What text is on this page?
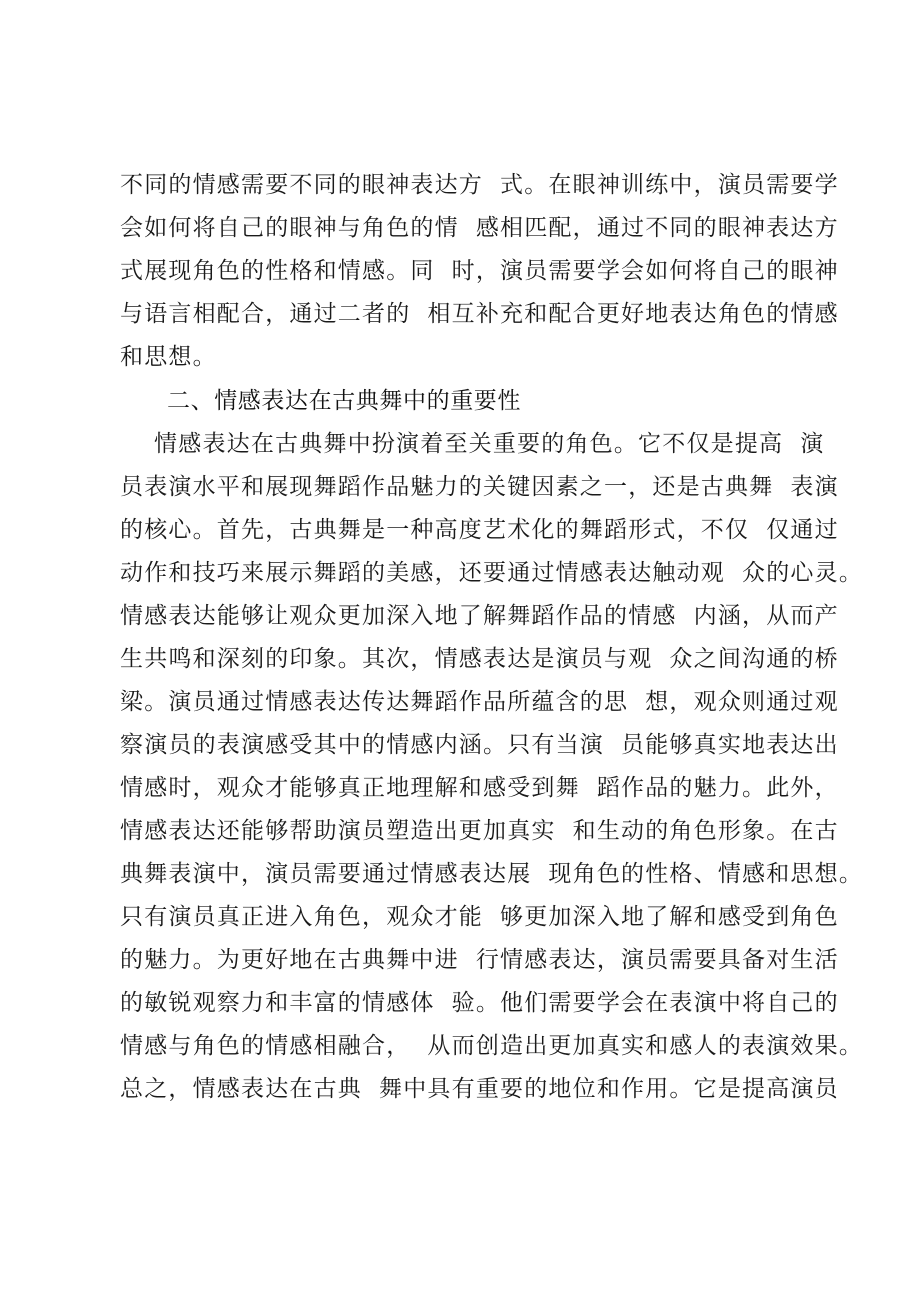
不同的情感需要不同的眼神表达方  式。在眼神训练中，演员需要学
会如何将自己的眼神与角色的情  感相匹配，通过不同的眼神表达方
式展现角色的性格和情感。同  时，演员需要学会如何将自己的眼神
与语言相配合，通过二者的  相互补充和配合更好地表达角色的情感
和思想。
二、情感表达在古典舞中的重要性
情感表达在古典舞中扮演着至关重要的角色。它不仅是提高  演
员表演水平和展现舞蹈作品魅力的关键因素之一，还是古典舞  表演
的核心。首先，古典舞是一种高度艺术化的舞蹈形式，不仅  仅通过
动作和技巧来展示舞蹈的美感，还要通过情感表达触动观  众的心灵。
情感表达能够让观众更加深入地了解舞蹈作品的情感  内涵，从而产
生共鸣和深刻的印象。其次，情感表达是演员与观  众之间沟通的桥
梁。演员通过情感表达传达舞蹈作品所蕴含的思  想，观众则通过观
察演员的表演感受其中的情感内涵。只有当演  员能够真实地表达出
情感时，观众才能够真正地理解和感受到舞  蹈作品的魅力。此外，
情感表达还能够帮助演员塑造出更加真实  和生动的角色形象。在古
典舞表演中，演员需要通过情感表达展  现角色的性格、情感和思想。
只有演员真正进入角色，观众才能  够更加深入地了解和感受到角色
的魅力。为更好地在古典舞中进  行情感表达，演员需要具备对生活
的敏锐观察力和丰富的情感体  验。他们需要学会在表演中将自己的
情感与角色的情感相融合，  从而创造出更加真实和感人的表演效果。
总之，情感表达在古典  舞中具有重要的地位和作用。它是提高演员
